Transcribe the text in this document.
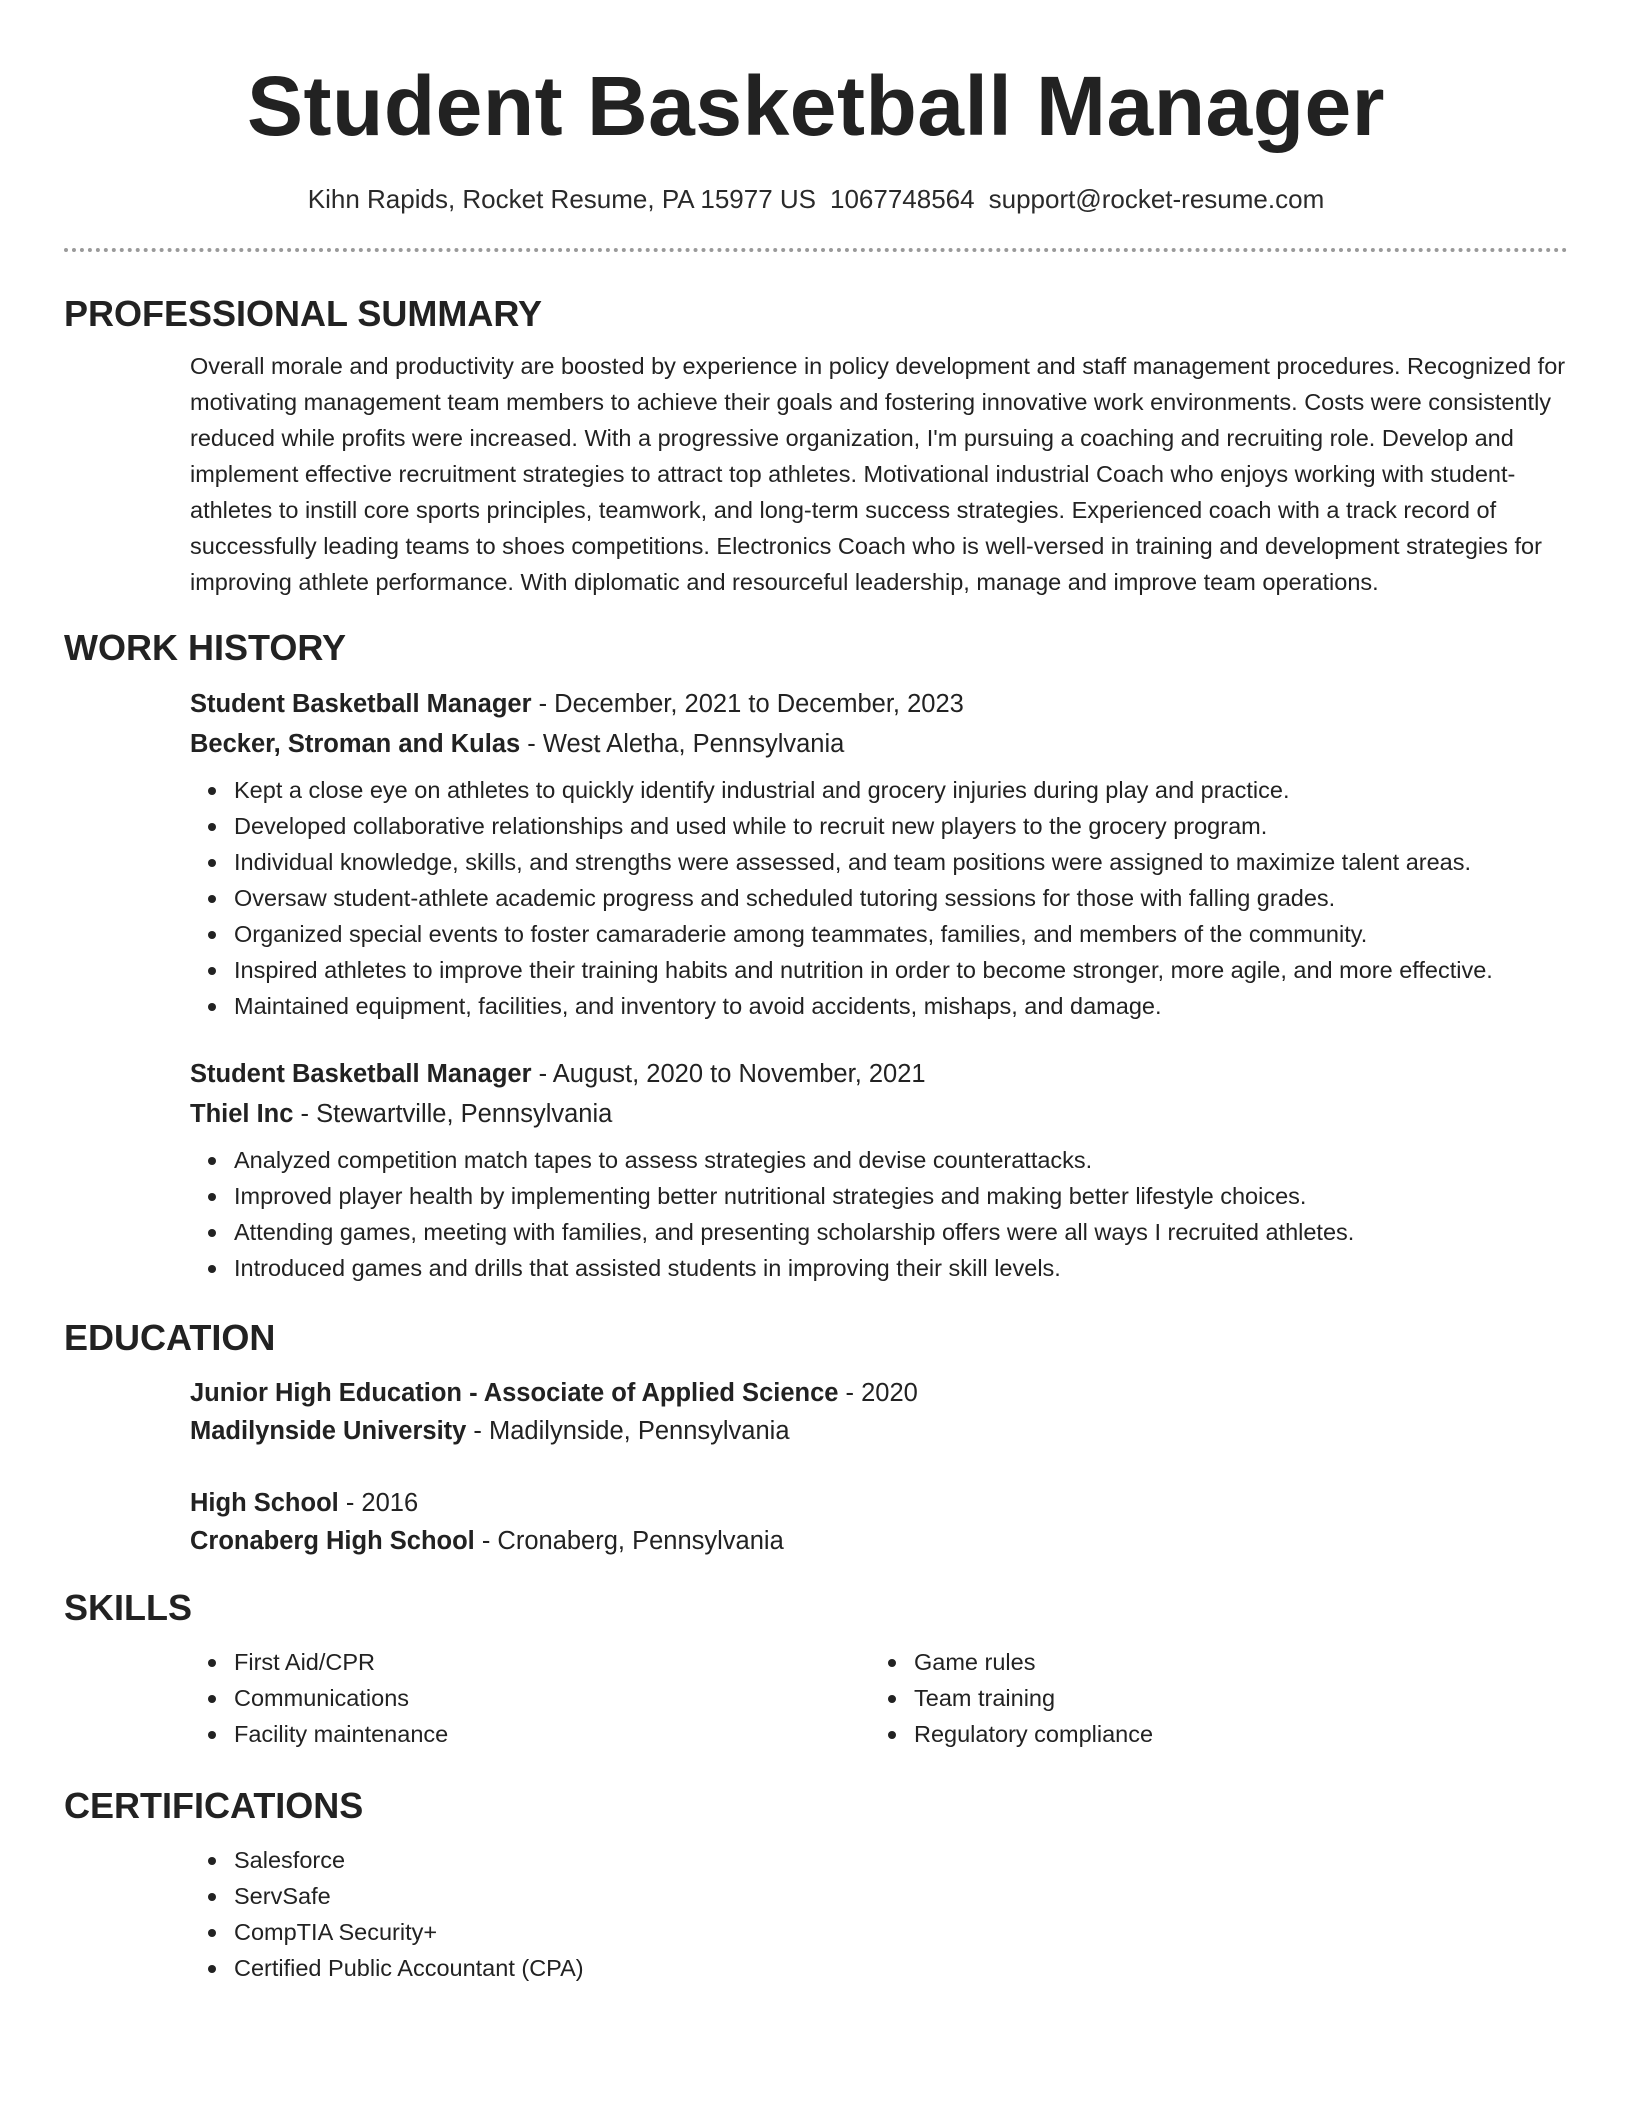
Student Basketball Manager
Kihn Rapids, Rocket Resume, PA 15977 US 1067748564 support@rocket-resume.com
PROFESSIONAL SUMMARY

Overall morale and productivity are boosted by experience in policy development and staff management procedures. Recognized for motivating management team members to achieve their goals and fostering innovative work environments. Costs were consistently reduced while profits were increased. With a progressive organization, I'm pursuing a coaching and recruiting role. Develop and implement effective recruitment strategies to attract top athletes. Motivational industrial Coach who enjoys working with student-athletes to instill core sports principles, teamwork, and long-term success strategies. Experienced coach with a track record of successfully leading teams to shoes competitions. Electronics Coach who is well-versed in training and development strategies for improving athlete performance. With diplomatic and resourceful leadership, manage and improve team operations.

WORK HISTORY
Student Basketball Manager - December, 2021 to December, 2023
Becker, Stroman and Kulas - West Aletha, Pennsylvania
Kept a close eye on athletes to quickly identify industrial and grocery injuries during play and practice.
Developed collaborative relationships and used while to recruit new players to the grocery program.
Individual knowledge, skills, and strengths were assessed, and team positions were assigned to maximize talent areas.
Oversaw student-athlete academic progress and scheduled tutoring sessions for those with falling grades.
Organized special events to foster camaraderie among teammates, families, and members of the community.
Inspired athletes to improve their training habits and nutrition in order to become stronger, more agile, and more effective.
Maintained equipment, facilities, and inventory to avoid accidents, mishaps, and damage.
Student Basketball Manager - August, 2020 to November, 2021
Thiel Inc - Stewartville, Pennsylvania
Analyzed competition match tapes to assess strategies and devise counterattacks.
Improved player health by implementing better nutritional strategies and making better lifestyle choices.
Attending games, meeting with families, and presenting scholarship offers were all ways I recruited athletes.
Introduced games and drills that assisted students in improving their skill levels.
EDUCATION
Junior High Education - Associate of Applied Science - 2020
Madilynside University - Madilynside, Pennsylvania
High School - 2016
Cronaberg High School - Cronaberg, Pennsylvania
SKILLS
First Aid/CPR
Communications
Facility maintenance
Game rules
Team training
Regulatory compliance
CERTIFICATIONS
Salesforce
ServSafe
CompTIA Security+
Certified Public Accountant (CPA)
